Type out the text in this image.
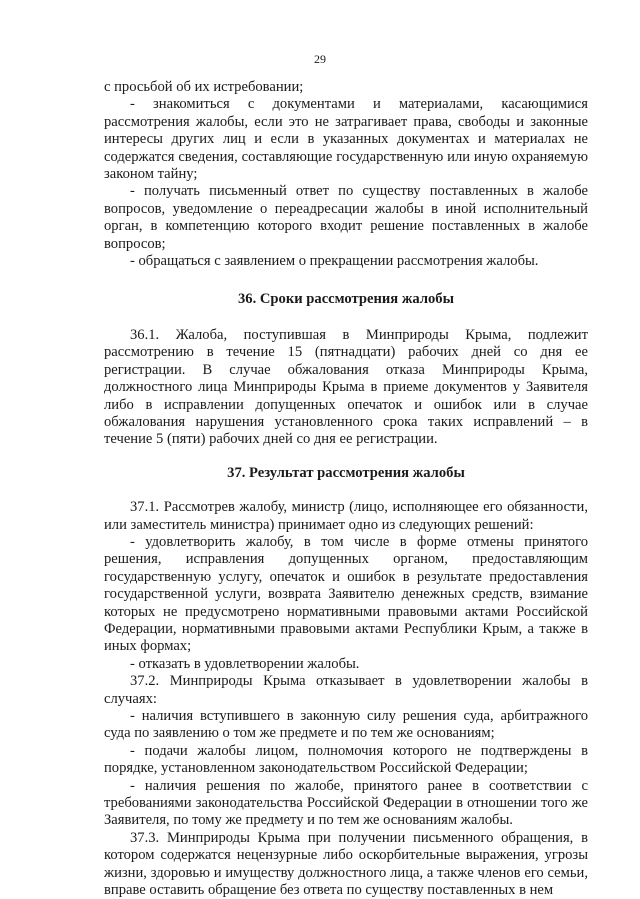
29

с просьбой об их истребовании;

- знакомиться с документами и материалами, касающимися рассмотрения жалобы, если это не затрагивает права, свободы и законные интересы других лиц и если в указанных документах и материалах не содержатся сведения, составляющие государственную или иную охраняемую законом тайну;

- получать письменный ответ по существу поставленных в жалобе вопросов, уведомление о переадресации жалобы в иной исполнительный орган, в компетенцию которого входит решение поставленных в жалобе вопросов;

- обращаться с заявлением о прекращении рассмотрения жалобы.

36. Сроки рассмотрения жалобы

36.1. Жалоба, поступившая в Минприроды Крыма, подлежит рассмотрению в течение 15 (пятнадцати) рабочих дней со дня ее регистрации. В случае обжалования отказа Минприроды Крыма, должностного лица Минприроды Крыма в приеме документов у Заявителя либо в исправлении допущенных опечаток и ошибок или в случае обжалования нарушения установленного срока таких исправлений – в течение 5 (пяти) рабочих дней со дня ее регистрации.

37. Результат рассмотрения жалобы

37.1. Рассмотрев жалобу, министр (лицо, исполняющее его обязанности, или заместитель министра) принимает одно из следующих решений:

- удовлетворить жалобу, в том числе в форме отмены принятого решения, исправления допущенных органом, предоставляющим государственную услугу, опечаток и ошибок в результате предоставления государственной услуги, возврата Заявителю денежных средств, взимание которых не предусмотрено нормативными правовыми актами Российской Федерации, нормативными правовыми актами Республики Крым, а также в иных формах;

- отказать в удовлетворении жалобы.

37.2. Минприроды Крыма отказывает в удовлетворении жалобы в случаях:

- наличия вступившего в законную силу решения суда, арбитражного суда по заявлению о том же предмете и по тем же основаниям;

- подачи жалобы лицом, полномочия которого не подтверждены в порядке, установленном законодательством Российской Федерации;

- наличия решения по жалобе, принятого ранее в соответствии с требованиями законодательства Российской Федерации в отношении того же Заявителя, по тому же предмету и по тем же основаниям жалобы.

37.3. Минприроды Крыма при получении письменного обращения, в котором содержатся нецензурные либо оскорбительные выражения, угрозы жизни, здоровью и имуществу должностного лица, а также членов его семьи, вправе оставить обращение без ответа по существу поставленных в нем
